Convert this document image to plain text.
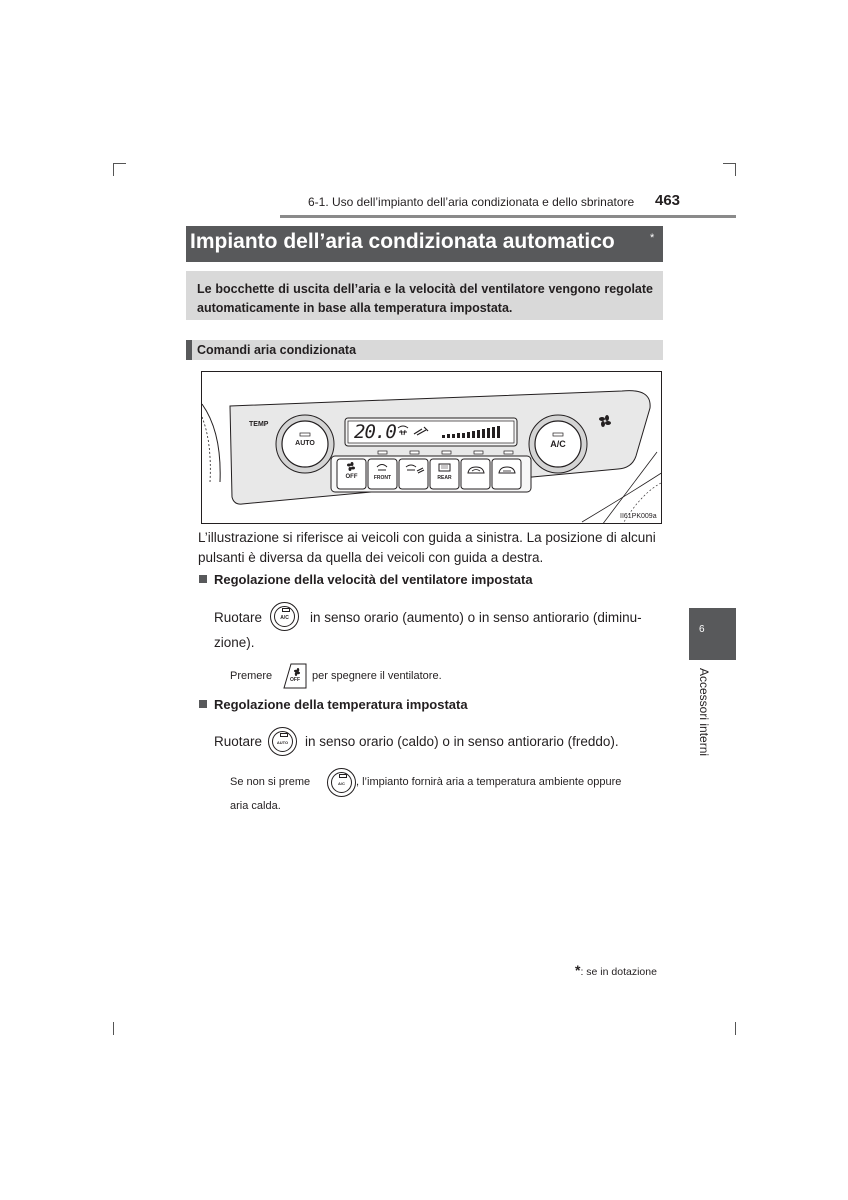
6-1. Uso dell’impianto dell’aria condizionata e dello sbrinatore 463
Impianto dell’aria condizionata automatico	*

Le bocchette di uscita dell’aria e la velocità del ventilatore vengono regolate automaticamente in base alla temperatura impostata.

Comandi aria condizionata
TEMP
AUTO	A/C
20.0
OFF	FRONT	REAR
II61PK009a

L’illustrazione si riferisce ai veicoli con guida a sinistra. La posizione di alcuni pulsanti è diversa da quella dei veicoli con guida a destra.

Regolazione della velocità del ventilatore impostata
Ruotare	A/C	in senso orario (aumento) o in senso antiorario (diminu-
zione).
Premere	OFF per spegnere il ventilatore.
Regolazione della temperatura impostata
Ruotare	AUTO	in senso orario (caldo) o in senso antiorario (freddo).
Se non si preme	A/C	, l’impianto fornirà aria a temperatura ambiente oppure
aria calda.
6
Accessori interni
*: se in dotazione
